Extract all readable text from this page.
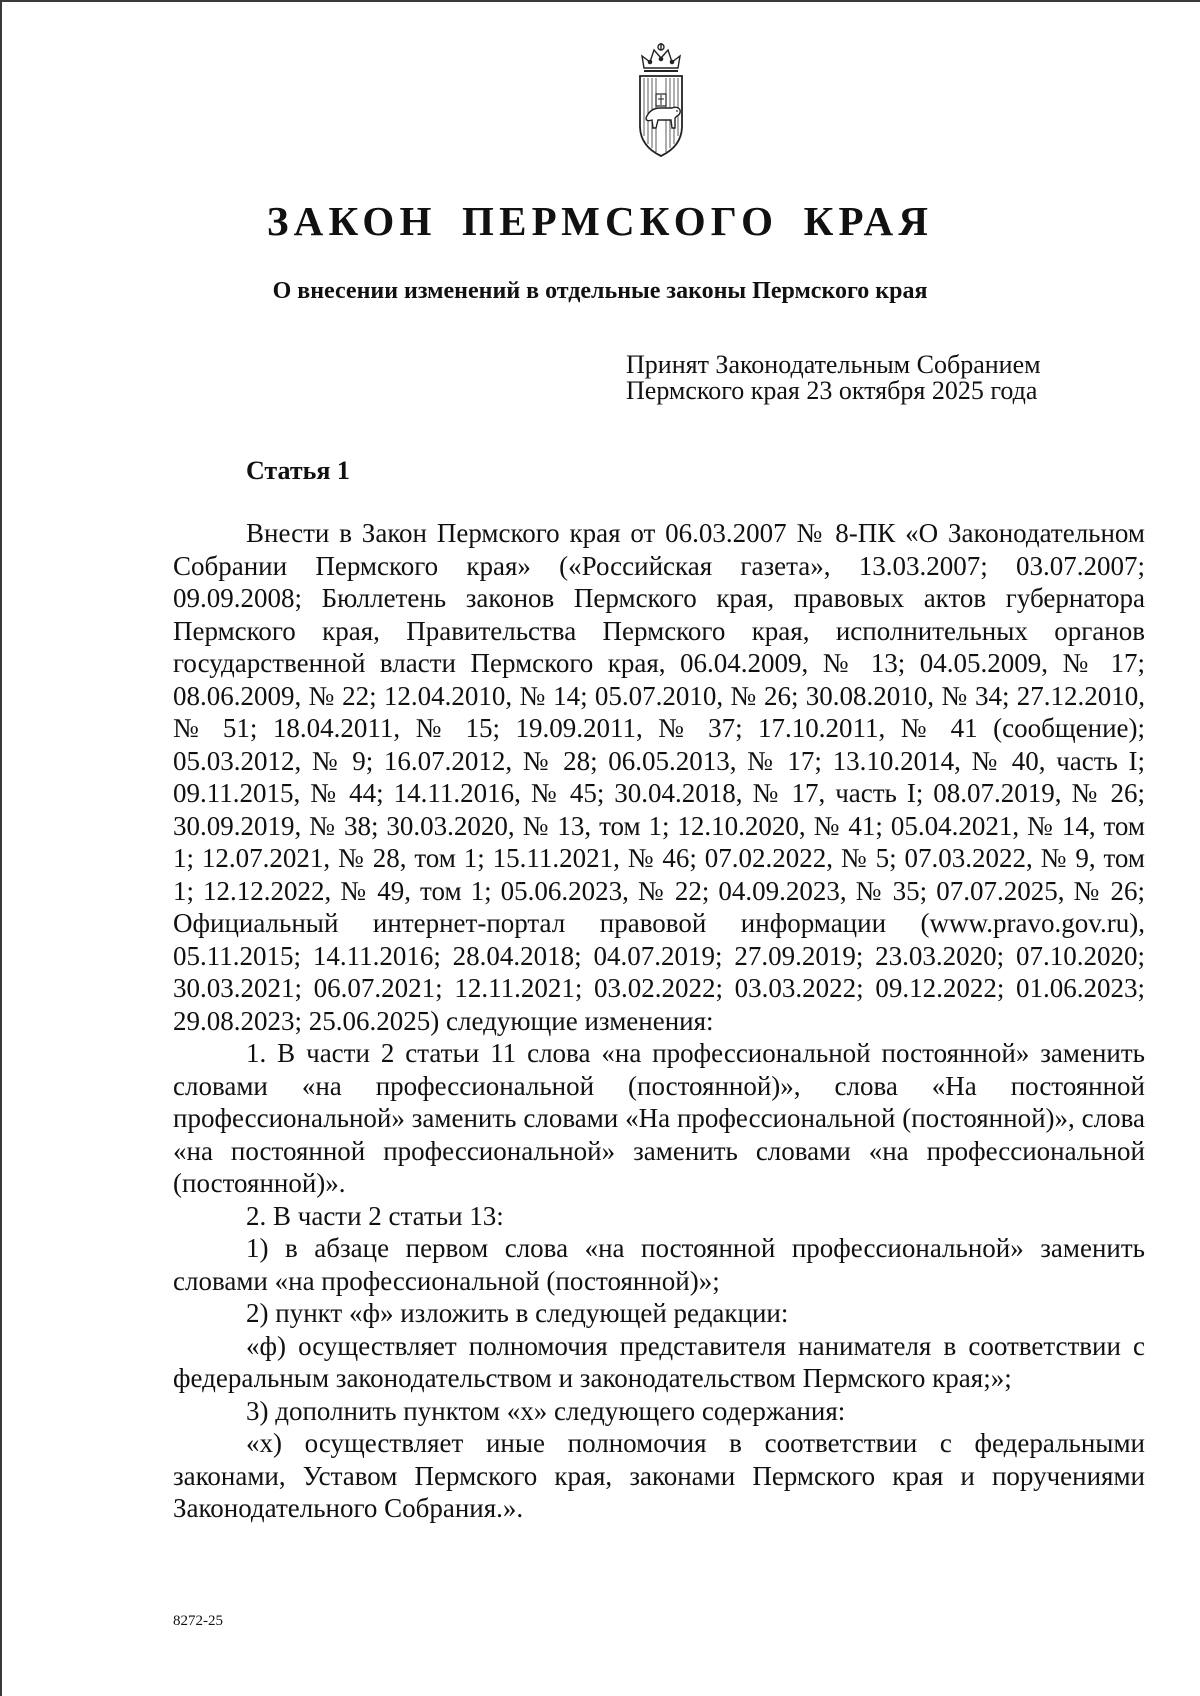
ЗАКОН ПЕРМСКОГО КРАЯ
О внесении изменений в отдельные законы Пермского края
Принят Законодательным Собранием
Пермского края 23 октября 2025 года
Статья 1

Внести в Закон Пермского края от 06.03.2007 № 8-ПК «О Законодательном Собрании Пермского края» («Российская газета», 13.03.2007; 03.07.2007; 09.09.2008; Бюллетень законов Пермского края, правовых актов губернатора Пермского края, Правительства Пермского края, исполнительных органов государственной власти Пермского края, 06.04.2009, № 13; 04.05.2009, № 17; 08.06.2009, № 22; 12.04.2010, № 14; 05.07.2010, № 26; 30.08.2010, № 34; 27.12.2010, № 51; 18.04.2011, № 15; 19.09.2011, № 37; 17.10.2011, № 41 (сообщение); 05.03.2012, № 9; 16.07.2012, № 28; 06.05.2013, № 17; 13.10.2014, № 40, часть I; 09.11.2015, № 44; 14.11.2016, № 45; 30.04.2018, № 17, часть I; 08.07.2019, № 26; 30.09.2019, № 38; 30.03.2020, № 13, том 1; 12.10.2020, № 41; 05.04.2021, № 14, том 1; 12.07.2021, № 28, том 1; 15.11.2021, № 46; 07.02.2022, № 5; 07.03.2022, № 9, том 1; 12.12.2022, № 49, том 1; 05.06.2023, № 22; 04.09.2023, № 35; 07.07.2025, № 26; Официальный интернет-портал правовой информации (www.pravo.gov.ru), 05.11.2015; 14.11.2016; 28.04.2018; 04.07.2019; 27.09.2019; 23.03.2020; 07.10.2020; 30.03.2021; 06.07.2021; 12.11.2021; 03.02.2022; 03.03.2022; 09.12.2022; 01.06.2023; 29.08.2023; 25.06.2025) следующие изменения:

1. В части 2 статьи 11 слова «на профессиональной постоянной» заменить словами «на профессиональной (постоянной)», слова «На постоянной профессиональной» заменить словами «На профессиональной (постоянной)», слова «на постоянной профессиональной» заменить словами «на профессиональной (постоянной)».

2. В части 2 статьи 13:

1) в абзаце первом слова «на постоянной профессиональной» заменить словами «на профессиональной (постоянной)»;

2) пункт «ф» изложить в следующей редакции:

«ф) осуществляет полномочия представителя нанимателя в соответствии с федеральным законодательством и законодательством Пермского края;»;

3) дополнить пунктом «х» следующего содержания:

«х) осуществляет иные полномочия в соответствии с федеральными законами, Уставом Пермского края, законами Пермского края и поручениями Законодательного Собрания.».

8272-25
